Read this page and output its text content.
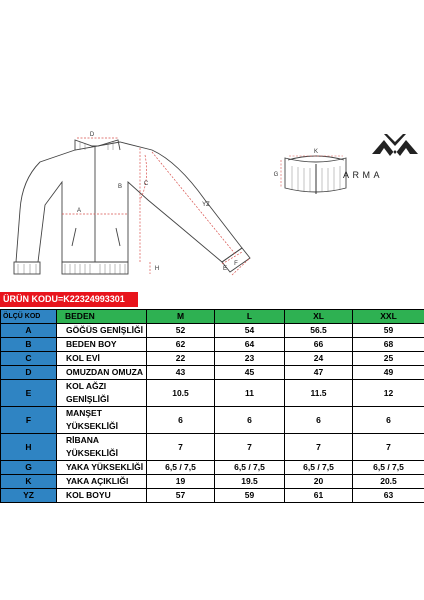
D
B
A
C
YZ
H	E
F
K
G	ARMA
ÜRÜN KODU=K22324993301
ÖLÇÜ KOD	BEDEN	M	L	XL	XXL
A	GÖĞÜS GENİŞLİĞİ	52	54	56.5	59
B	BEDEN BOY	62	64	66	68
C	KOL EVİ	22	23	24	25
D	OMUZDAN OMUZA	43	45	47	49
E	KOL AĞZI GENİŞLİĞİ	10.5	11	11.5	12
F	MANŞET YÜKSEKLİĞİ	6	6	6	6
H	RİBANA YÜKSEKLİĞİ	7	7	7	7
G	YAKA YÜKSEKLİĞİ	6,5 / 7,5	6,5 / 7,5	6,5 / 7,5	6,5 / 7,5
K	YAKA AÇIKLIĞI	19	19.5	20	20.5
YZ	KOL BOYU	57	59	61	63
